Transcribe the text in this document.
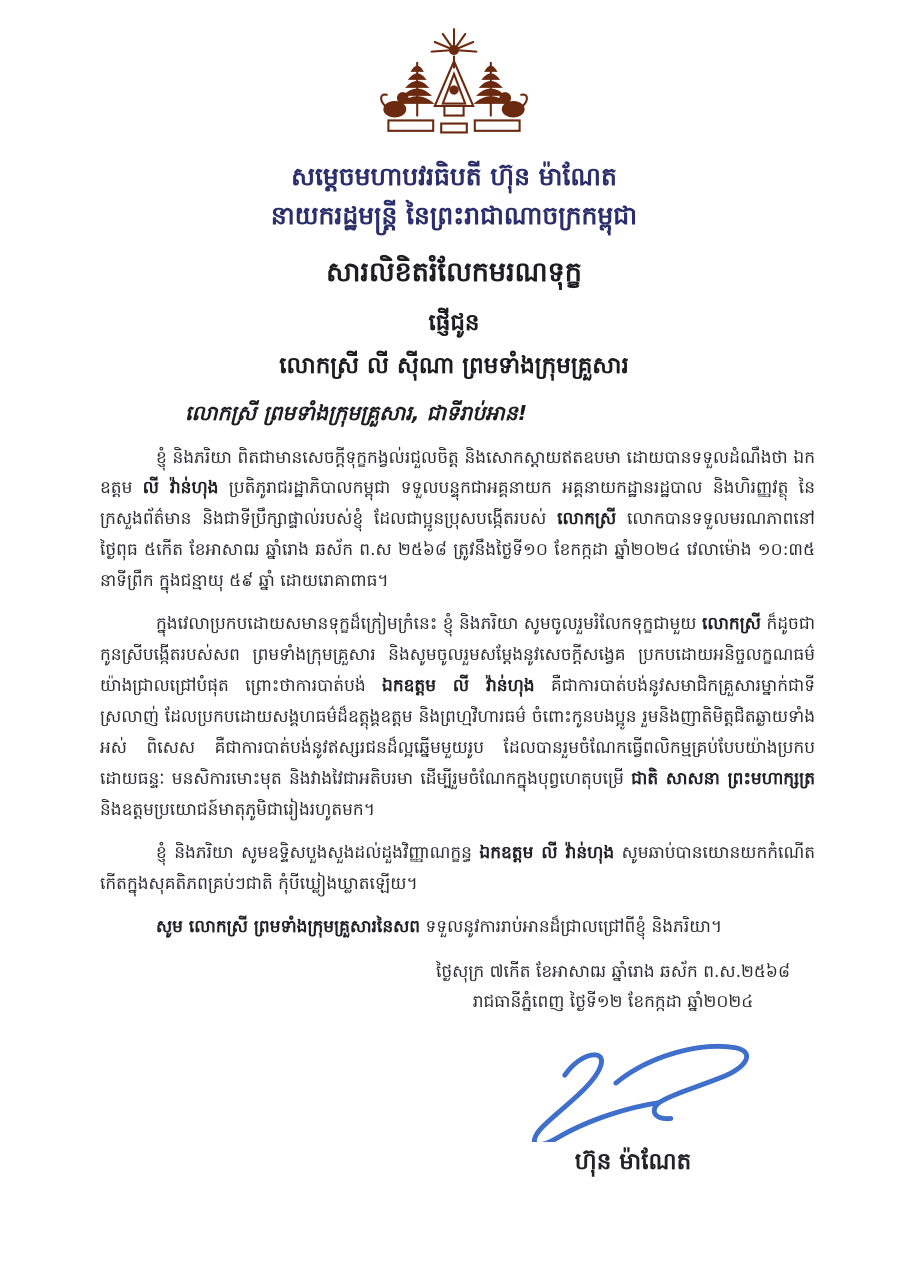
សម្តេចមហាបវរធិបតី ហ៊ុន ម៉ាណែត
នាយករដ្ឋមន្ត្រី នៃព្រះរាជាណាចក្រកម្ពុជា
សារលិខិតរំលែកមរណទុក្ខ
ផ្ញើជូន
លោកស្រី លី ស៊ីណា ព្រមទាំងក្រុមគ្រួសារ
លោកស្រី ព្រមទាំងក្រុមគ្រួសារ, ជាទីរាប់អាន!

ខ្ញុំ និងភរិយា ពិតជាមានសេចក្តីទុក្ខកង្វល់រជួលចិត្ត និងសោកស្តាយឥតឧបមា ដោយបានទទួលដំណឹងថា ឯកឧត្តម លី វ៉ាន់ហុង ប្រតិភូរាជរដ្ឋាភិបាលកម្ពុជា ទទួលបន្ទុកជាអគ្គនាយក អគ្គនាយកដ្ឋានរដ្ឋបាល និងហិរញ្ញវត្ថុ នៃក្រសួងព័ត៌មាន និងជាទីប្រឹក្សាផ្ទាល់របស់ខ្ញុំ ដែលជាប្អូនប្រុសបង្កើតរបស់ លោកស្រី លោកបានទទួលមរណភាពនៅថ្ងៃពុធ ៥កើត ខែអាសាឍ ឆ្នាំរោង ឆស័ក ព.ស ២៥៦៨ ត្រូវនឹងថ្ងៃទី១០ ខែកក្កដា ឆ្នាំ២០២៤ វេលាម៉ោង ១០:៣៥ នាទីព្រឹក ក្នុងជន្មាយុ ៥៩ ឆ្នាំ ដោយរោគាពាធ។

ក្នុងវេលាប្រកបដោយសមានទុក្ខដ៏ក្រៀមក្រំនេះ ខ្ញុំ និងភរិយា សូមចូលរួមរំលែកទុក្ខជាមួយ លោកស្រី ក៏ដូចជាកូនស្រីបង្កើតរបស់សព ព្រមទាំងក្រុមគ្រួសារ និងសូមចូលរួមសម្តែងនូវសេចក្តីសង្វេគ ប្រកបដោយអនិច្ចលក្ខណធម៌យ៉ាងជ្រាលជ្រៅបំផុត ព្រោះថាការបាត់បង់ ឯកឧត្តម លី វ៉ាន់ហុង គឺជាការបាត់បង់នូវសមាជិកគ្រួសារម្នាក់ជាទីស្រលាញ់ ដែលប្រកបដោយសង្គហធម៌ដ៏ឧត្តុង្គឧត្តម និងព្រហ្មវិហារធម៌ ចំពោះកូនបងប្អូន រួមនិងញាតិមិត្តជិតឆ្ងាយទាំងអស់ ពិសេស គឺជាការបាត់បង់នូវឥស្សរជនដ៏ល្អឆ្នើមមួយរូប ដែលបានរួមចំណែកធ្វើពលិកម្មគ្រប់បែបយ៉ាងប្រកបដោយធន្ទៈ មនសិការមោះមុត និងវាងវៃជាអតិបរមា ដើម្បីរួមចំណែកក្នុងបុព្វហេតុបម្រើ ជាតិ សាសនា ព្រះមហាក្សត្រ និងឧត្តមប្រយោជន៍មាតុភូមិជារៀងរហូតមក។

ខ្ញុំ និងភរិយា សូមឧទ្ទិសបួងសួងដល់ដួងវិញ្ញាណក្ខន្ធ ឯកឧត្តម លី វ៉ាន់ហុង សូមឆាប់បានយោនយកកំណើតកើតក្នុងសុគតិភពគ្រប់ៗជាតិ កុំបីឃ្លៀងឃ្លាតឡើយ។

សូម លោកស្រី ព្រមទាំងក្រុមគ្រួសារនៃសព ទទួលនូវការរាប់អានដ៏ជ្រាលជ្រៅពីខ្ញុំ និងភរិយា។

ថ្ងៃសុក្រ ៧កើត ខែអាសាឍ ឆ្នាំរោង ឆស័ក ព.ស.២៥៦៨
រាជធានីភ្នំពេញ ថ្ងៃទី១២ ខែកក្កដា ឆ្នាំ២០២៤
ហ៊ុន ម៉ាណែត
